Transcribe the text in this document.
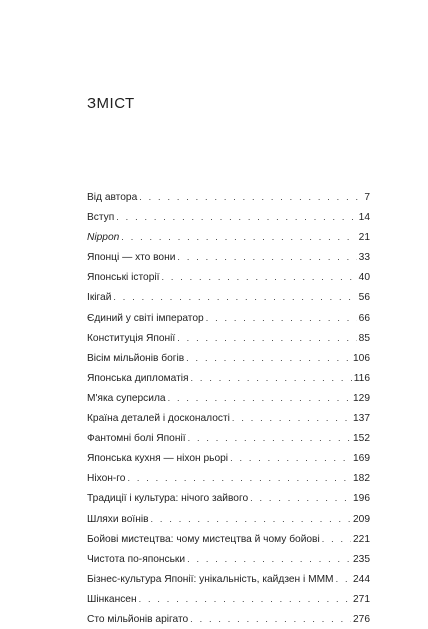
ЗМІСТ
Від автора . . .	7
Вступ . . .	14
Nippon . . .	21
Японці — хто вони . . .	33
Японські історії . . .	40
Ікігай . . .	56
Єдиний у світі імператор . . .	66
Конституція Японії . . .	85
Вісім мільйонів богів . . .	106
Японська дипломатія . . .	116
М'яка суперсила . . .	129
Країна деталей і досконалості . . .	137
Фантомні болі Японії . . .	152
Японська кухня — ніхон рьорі . . .	169
Ніхон-го . . .	182
Традиції і культура: нічого зайвого . . .	196
Шляхи воїнів . . .	209
Бойові мистецтва: чому мистецтва й чому бойові . . .	221
Чистота по-японськи . . .	235
Бізнес-культура Японії: унікальність, кайдзен і МММ . . . 244
Шінкансен . . .	271
Сто мільйонів арігато . . .	276
